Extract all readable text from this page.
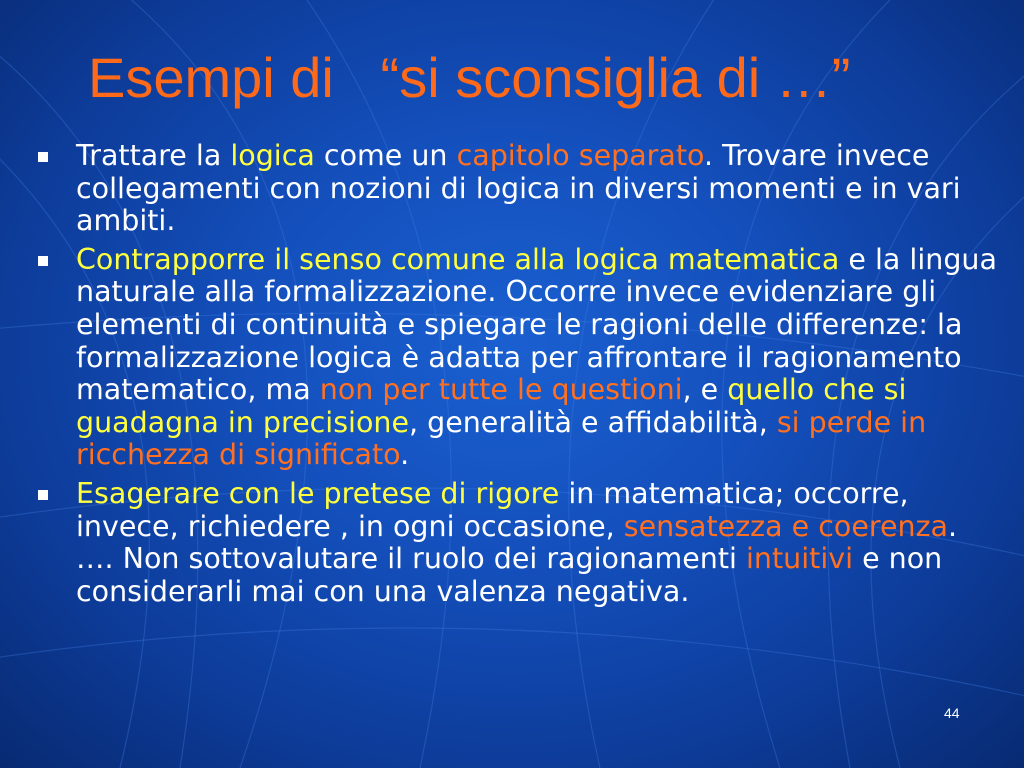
Esempi di   “si sconsiglia di …”
Trattare la logica come un capitolo separato. Trovare invece collegamenti con nozioni di logica in diversi momenti e in vari ambiti.
Contrapporre il senso comune alla logica matematica e la lingua naturale alla formalizzazione. Occorre invece evidenziare gli elementi di continuità e spiegare le ragioni delle differenze: la formalizzazione logica è adatta per affrontare il ragionamento matematico, ma non per tutte le questioni, e quello che si guadagna in precisione, generalità e affidabilità, si perde in ricchezza di significato.
Esagerare con le pretese di rigore in matematica; occorre, invece, richiedere , in ogni occasione, sensatezza e coerenza. …. Non sottovalutare il ruolo dei ragionamenti intuitivi e non considerarli mai con una valenza negativa.
44
